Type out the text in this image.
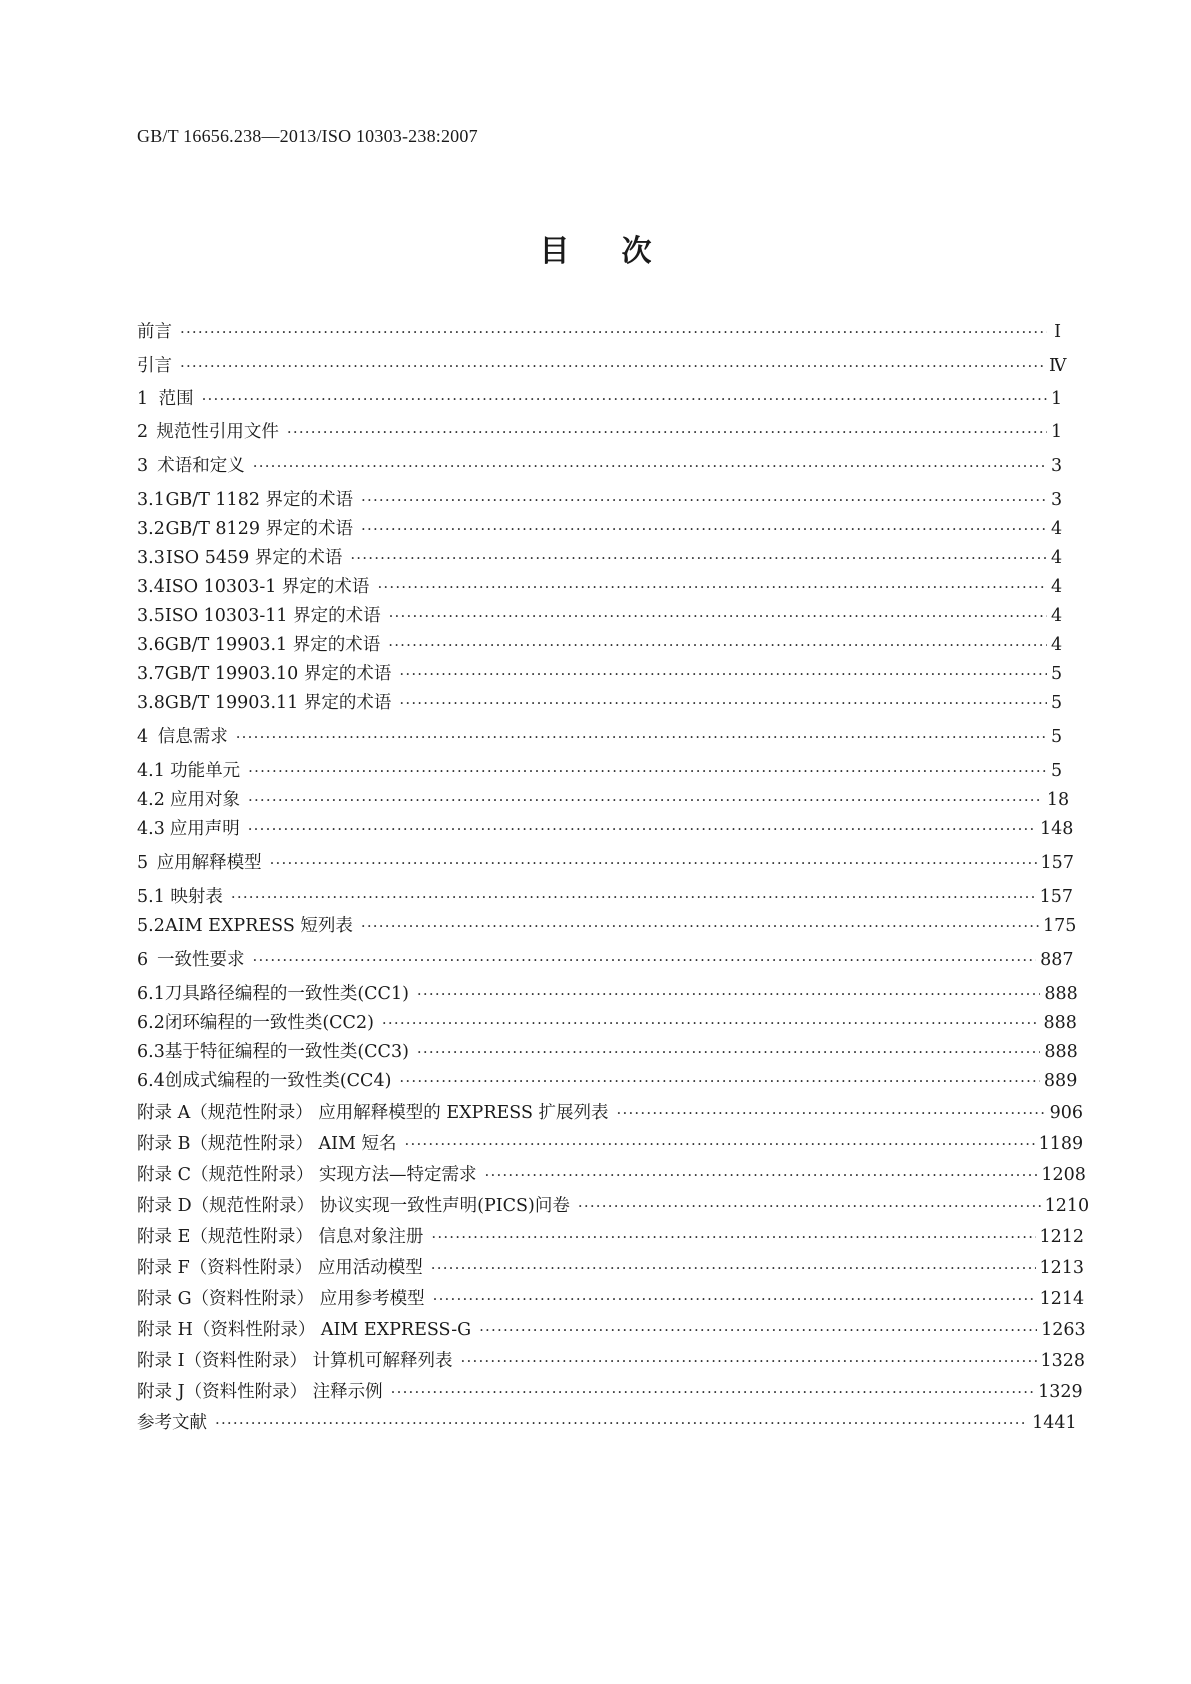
GB/T 16656.238—2013/ISO 10303-238:2007
目次
前言 ·····	Ⅰ
引言 ·····	Ⅳ
1 范围 ·····	1
2 规范性引用文件 ·····	1
3 术语和定义 ·····	3
3.1 GB/T 1182 界定的术语 ·····	3
3.2 GB/T 8129 界定的术语 ·····	4
3.3 ISO 5459 界定的术语 ·····	4
3.4 ISO 10303-1 界定的术语 ·····	4
3.5 ISO 10303-11 界定的术语 ·····	4
3.6 GB/T 19903.1 界定的术语 ·····	4
3.7 GB/T 19903.10 界定的术语 ·····	5
3.8 GB/T 19903.11 界定的术语 ·····	5
4 信息需求 ·····	5
4.1 功能单元 ·····	5
4.2 应用对象 ·····	18
4.3 应用声明 ·····	148
5 应用解释模型 ·····	157
5.1 映射表 ·····	157
5.2 AIM EXPRESS 短列表 ·····	175
6 一致性要求 ·····	887
6.1 刀具路径编程的一致性类(CC1) ·····	888
6.2 闭环编程的一致性类(CC2) ·····	888
6.3 基于特征编程的一致性类(CC3) ·····	888
6.4 创成式编程的一致性类(CC4) ·····	889
附录 A（规范性附录） 应用解释模型的 EXPRESS 扩展列表 ·····	906
附录 B（规范性附录） AIM 短名 ·····	1189
附录 C（规范性附录） 实现方法—特定需求 ·····	1208
附录 D（规范性附录） 协议实现一致性声明(PICS)问卷 ·····	1210
附录 E（规范性附录） 信息对象注册 ·····	1212
附录 F（资料性附录） 应用活动模型 ·····	1213
附录 G（资料性附录） 应用参考模型 ·····	1214
附录 H（资料性附录） AIM EXPRESS-G ·····	1263
附录 I（资料性附录） 计算机可解释列表 ·····	1328
附录 J（资料性附录） 注释示例 ·····	1329
参考文献 ·····	1441
